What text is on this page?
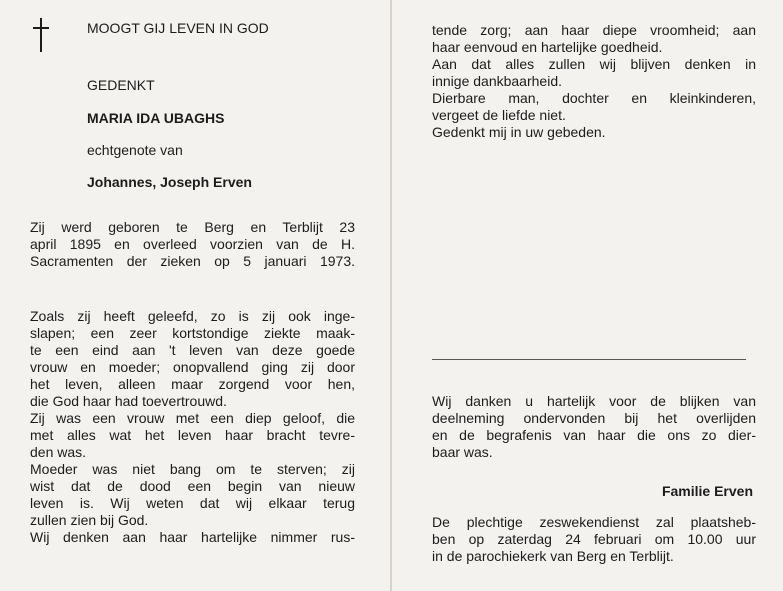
MOOGT GIJ LEVEN IN GOD
GEDENKT
MARIA IDA UBAGHS
echtgenote van
Johannes, Joseph Erven
Zij werd geboren te Berg en Terblijt 23
april 1895 en overleed voorzien van de H.
Sacramenten der zieken op 5 januari 1973.
Zoals zij heeft geleefd, zo is zij ook inge-
slapen; een zeer kortstondige ziekte maak-
te een eind aan 't leven van deze goede
vrouw en moeder; onopvallend ging zij door
het leven, alleen maar zorgend voor hen,
die God haar had toevertrouwd.
Zij was een vrouw met een diep geloof, die
met alles wat het leven haar bracht tevre-
den was.
Moeder was niet bang om te sterven; zij
wist dat de dood een begin van nieuw
leven is. Wij weten dat wij elkaar terug
zullen zien bij God.
Wij denken aan haar hartelijke nimmer rus-
tende zorg; aan haar diepe vroomheid; aan
haar eenvoud en hartelijke goedheid.
Aan dat alles zullen wij blijven denken in
innige dankbaarheid.
Dierbare man, dochter en kleinkinderen,
vergeet de liefde niet.
Gedenkt mij in uw gebeden.
Wij danken u hartelijk voor de blijken van
deelneming ondervonden bij het overlijden
en de begrafenis van haar die ons zo dier-
baar was.
Familie Erven
De plechtige zeswekendienst zal plaatsheb-
ben op zaterdag 24 februari om 10.00 uur
in de parochiekerk van Berg en Terblijt.
